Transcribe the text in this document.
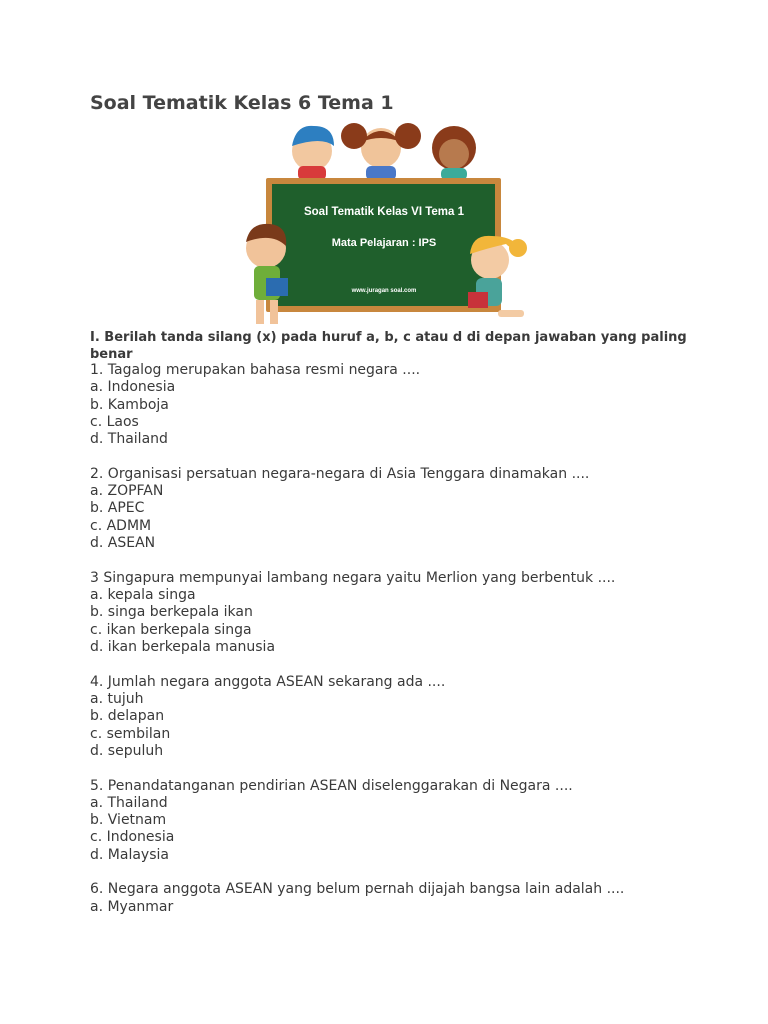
Soal Tematik Kelas 6 Tema 1
Soal Tematik Kelas VI Tema 1
Mata Pelajaran : IPS
www.juragan soal.com
I. Berilah tanda silang (x) pada huruf a, b, c atau d di depan jawaban yang paling benar
1. Tagalog merupakan bahasa resmi negara ....
a. Indonesia
b. Kamboja
c. Laos
d. Thailand
2. Organisasi persatuan negara-negara di Asia Tenggara dinamakan ....
a. ZOPFAN
b. APEC
c. ADMM
d. ASEAN
3 Singapura mempunyai lambang negara yaitu Merlion yang berbentuk ....
a. kepala singa
b. singa berkepala ikan
c. ikan berkepala singa
d. ikan berkepala manusia
4. Jumlah negara anggota ASEAN sekarang ada ....
a. tujuh
b. delapan
c. sembilan
d. sepuluh
5. Penandatanganan pendirian ASEAN diselenggarakan di Negara ....
a. Thailand
b. Vietnam
c. Indonesia
d. Malaysia
6. Negara anggota ASEAN yang belum pernah dijajah bangsa lain adalah ....
a. Myanmar
